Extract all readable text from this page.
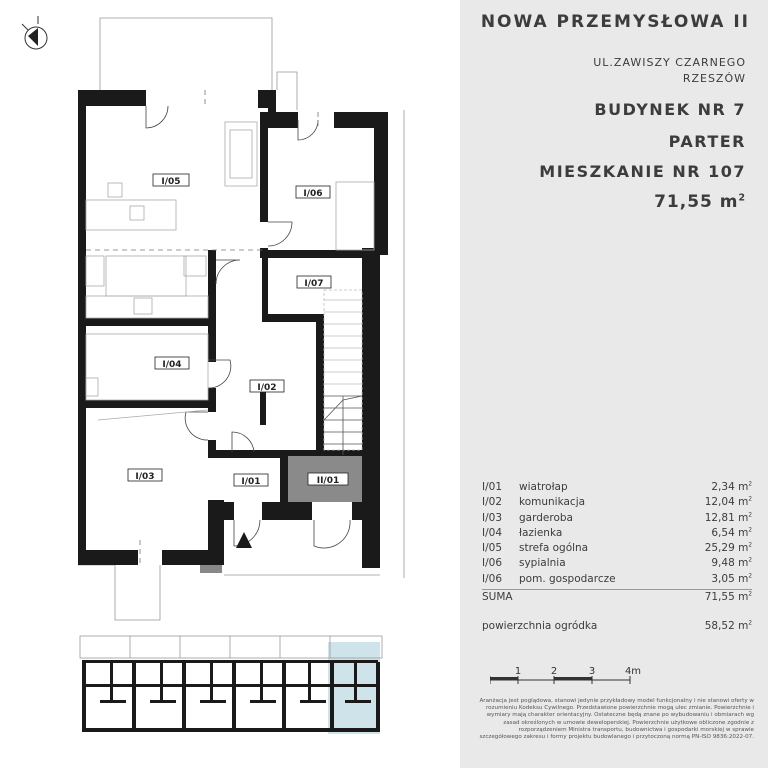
I/05
I/06
I/07
I/04
I/02
I/03	I/01	II/01
NOWA PRZEMYSŁOWA II
UL.ZAWISZY CZARNEGO
RZESZÓW
BUDYNEK NR 7
PARTER
MIESZKANIE NR 107
71,55 $m^2$
I/01 wiatrołap	2,34 $m^2$
I/02 komunikacja	12,04 $m^2$
I/03 garderoba	12,81 $m^2$
I/04 łazienka	6,54 $m^2$
I/05 strefa ogólna	25,29 $m^2$
I/06 sypialnia	9,48 $m^2$
I/06 pom. gospodarcze	3,05 $m^2$
SUMA	71,55 $m^2$
powierzchnia ogródka	58,52 $m^2$
1	2	3	4m
Aranżacja jest poglądowa, stanowi jedynie przykładowy model funkcjonalny i nie stanowi oferty w rozumieniu Kodeksu Cywilnego. Przedstawione powierzchnie mogą ulec zmianie. Powierzchnie i wymiary mają charakter orientacyjny. Ostateczne będą znane po wybudowaniu i obmiarach wg zasad określonych w umowie deweloperskiej. Powierzchnie użytkowe obliczone zgodnie z rozporządzeniem Ministra transportu, budownictwa i gospodarki morskiej w sprawie szczegółowego zakresu i formy projektu budowlanego i przytoczoną normą PN-ISO 9836:2022-07.
